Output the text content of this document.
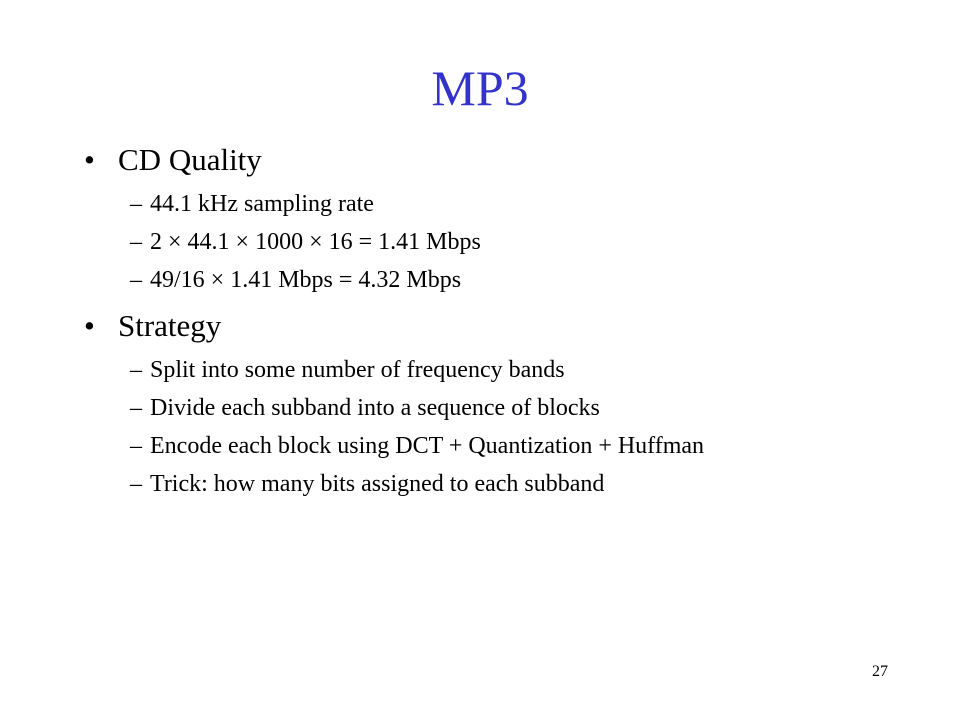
MP3
• CD Quality
– 44.1 kHz sampling rate
– 2 × 44.1 × 1000 × 16 = 1.41 Mbps
– 49/16 × 1.41 Mbps = 4.32 Mbps
• Strategy
– Split into some number of frequency bands
– Divide each subband into a sequence of blocks
– Encode each block using DCT + Quantization + Huffman
– Trick: how many bits assigned to each subband
27
